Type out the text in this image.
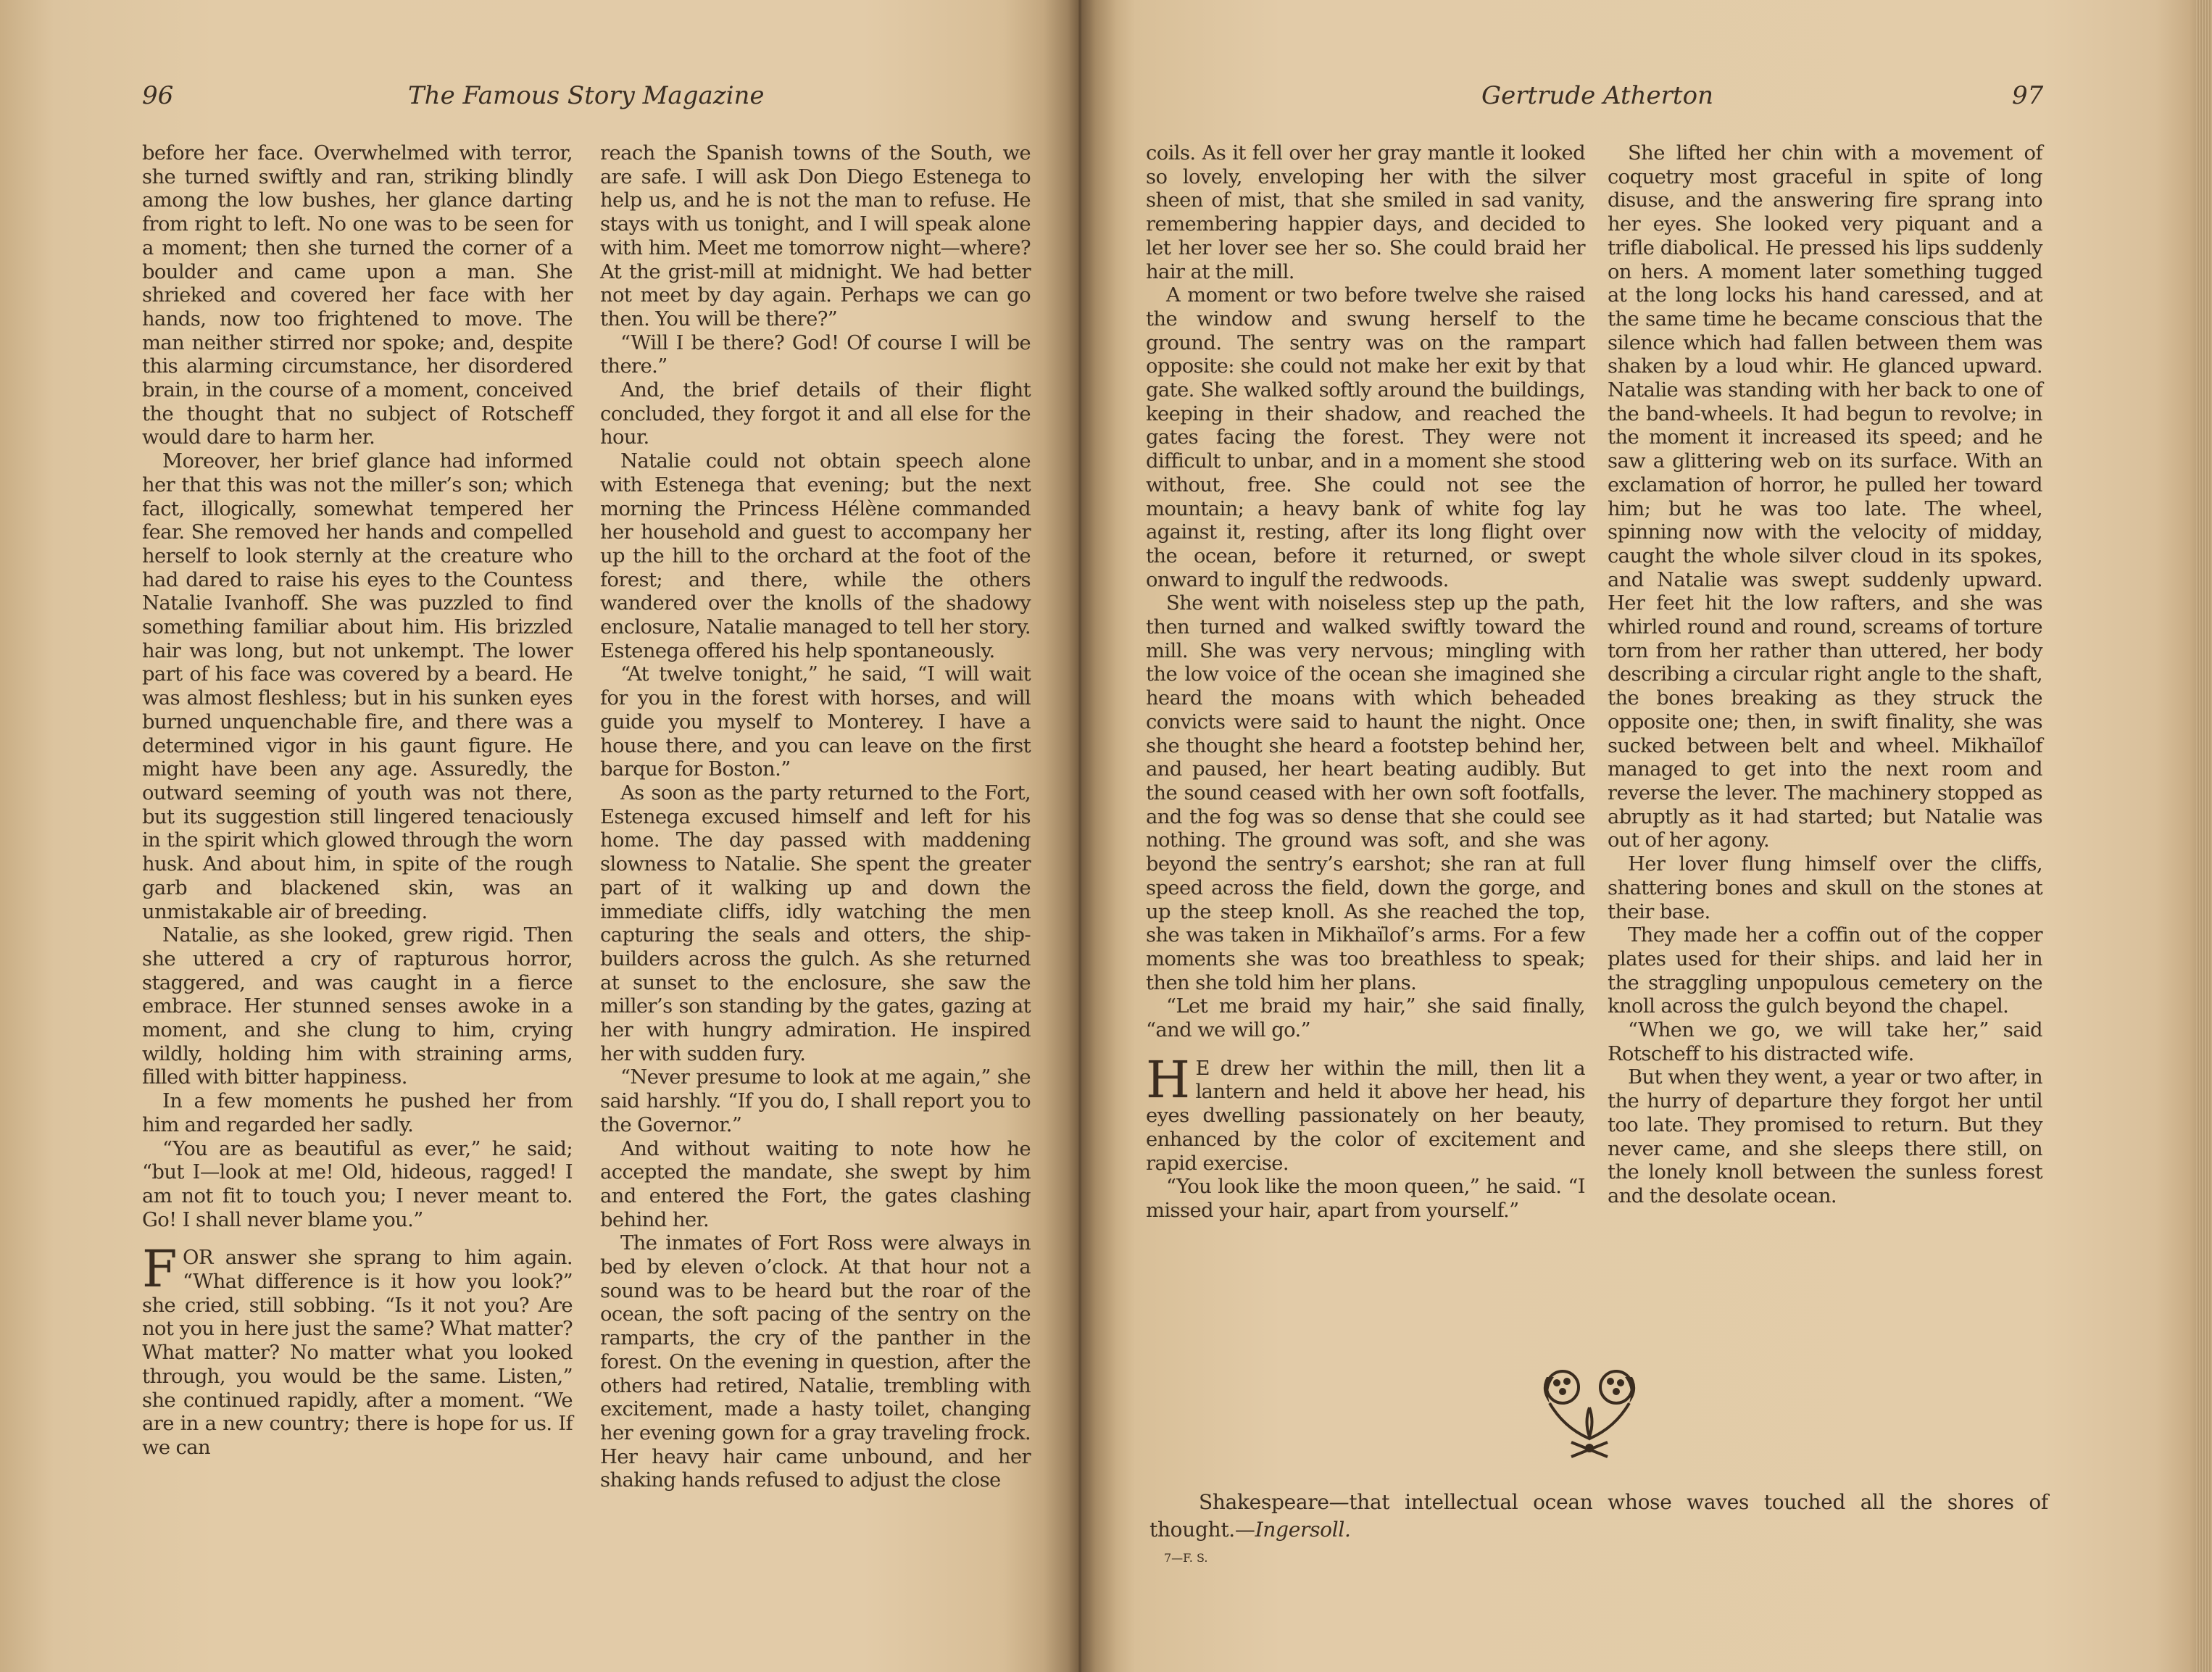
96	The Famous Story Magazine

before her face. Overwhelmed with terror, she turned swiftly and ran, striking blindly among the low bushes, her glance darting from right to left. No one was to be seen for a moment; then she turned the corner of a boulder and came upon a man. She shrieked and covered her face with her hands, now too frightened to move. The man neither stirred nor spoke; and, despite this alarming circumstance, her disordered brain, in the course of a moment, conceived the thought that no subject of Rotscheff would dare to harm her.

Moreover, her brief glance had informed her that this was not the miller’s son; which fact, illogically, somewhat tempered her fear. She removed her hands and compelled herself to look sternly at the creature who had dared to raise his eyes to the Countess Natalie Ivanhoff. She was puzzled to find something familiar about him. His brizzled hair was long, but not unkempt. The lower part of his face was covered by a beard. He was almost fleshless; but in his sunken eyes burned unquenchable fire, and there was a determined vigor in his gaunt figure. He might have been any age. Assuredly, the outward seeming of youth was not there, but its suggestion still lingered tenaciously in the spirit which glowed through the worn husk. And about him, in spite of the rough garb and blackened skin, was an unmistakable air of breeding.

Natalie, as she looked, grew rigid. Then she uttered a cry of rapturous horror, staggered, and was caught in a fierce embrace. Her stunned senses awoke in a moment, and she clung to him, crying wildly, holding him with straining arms, filled with bitter happiness.

In a few moments he pushed her from him and regarded her sadly.

“You are as beautiful as ever,” he said; “but I—look at me! Old, hideous, ragged! I am not fit to touch you; I never meant to. Go! I shall never blame you.”

FOR answer she sprang to him again. “What difference is it how you look?” she cried, still sobbing. “Is it not you? Are not you in here just the same? What matter? What matter? No matter what you looked through, you would be the same. Listen,” she continued rapidly, after a moment. “We are in a new country; there is hope for us. If we can

reach the Spanish towns of the South, we are safe. I will ask Don Diego Estenega to help us, and he is not the man to refuse. He stays with us tonight, and I will speak alone with him. Meet me tomorrow night—where? At the grist-mill at midnight. We had better not meet by day again. Perhaps we can go then. You will be there?”

“Will I be there? God! Of course I will be there.”

And, the brief details of their flight concluded, they forgot it and all else for the hour.

Natalie could not obtain speech alone with Estenega that evening; but the next morning the Princess Hélène commanded her household and guest to accompany her up the hill to the orchard at the foot of the forest; and there, while the others wandered over the knolls of the shadowy enclosure, Natalie managed to tell her story. Estenega offered his help spontaneously.

“At twelve tonight,” he said, “I will wait for you in the forest with horses, and will guide you myself to Monterey. I have a house there, and you can leave on the first barque for Boston.”

As soon as the party returned to the Fort, Estenega excused himself and left for his home. The day passed with maddening slowness to Natalie. She spent the greater part of it walking up and down the immediate cliffs, idly watching the men capturing the seals and otters, the ship-builders across the gulch. As she returned at sunset to the enclosure, she saw the miller’s son standing by the gates, gazing at her with hungry admiration. He inspired her with sudden fury.

“Never presume to look at me again,” she said harshly. “If you do, I shall report you to the Governor.”

And without waiting to note how he accepted the mandate, she swept by him and entered the Fort, the gates clashing behind her.

The inmates of Fort Ross were always in bed by eleven o’clock. At that hour not a sound was to be heard but the roar of the ocean, the soft pacing of the sentry on the ramparts, the cry of the panther in the forest. On the evening in question, after the others had retired, Natalie, trembling with excitement, made a hasty toilet, changing her evening gown for a gray traveling frock. Her heavy hair came unbound, and her shaking hands refused to adjust the close

Gertrude Atherton	97

coils. As it fell over her gray mantle it looked so lovely, enveloping her with the silver sheen of mist, that she smiled in sad vanity, remembering happier days, and decided to let her lover see her so. She could braid her hair at the mill.

A moment or two before twelve she raised the window and swung herself to the ground. The sentry was on the rampart opposite: she could not make her exit by that gate. She walked softly around the buildings, keeping in their shadow, and reached the gates facing the forest. They were not difficult to unbar, and in a moment she stood without, free. She could not see the mountain; a heavy bank of white fog lay against it, resting, after its long flight over the ocean, before it returned, or swept onward to ingulf the redwoods.

She went with noiseless step up the path, then turned and walked swiftly toward the mill. She was very nervous; mingling with the low voice of the ocean she imagined she heard the moans with which beheaded convicts were said to haunt the night. Once she thought she heard a footstep behind her, and paused, her heart beating audibly. But the sound ceased with her own soft footfalls, and the fog was so dense that she could see nothing. The ground was soft, and she was beyond the sentry’s earshot; she ran at full speed across the field, down the gorge, and up the steep knoll. As she reached the top, she was taken in Mikhaïlof’s arms. For a few moments she was too breathless to speak; then she told him her plans.

“Let me braid my hair,” she said finally, “and we will go.”

H E drew her within the mill, then lit a lantern and held it above her head, his eyes dwelling passionately on her beauty, enhanced by the color of excitement and rapid exercise.

“You look like the moon queen,” he said. “I missed your hair, apart from yourself.”

She lifted her chin with a movement of coquetry most graceful in spite of long disuse, and the answering fire sprang into her eyes. She looked very piquant and a trifle diabolical. He pressed his lips suddenly on hers. A moment later something tugged at the long locks his hand caressed, and at the same time he became conscious that the silence which had fallen between them was shaken by a loud whir. He glanced upward. Natalie was standing with her back to one of the band-wheels. It had begun to revolve; in the moment it increased its speed; and he saw a glittering web on its surface. With an exclamation of horror, he pulled her toward him; but he was too late. The wheel, spinning now with the velocity of midday, caught the whole silver cloud in its spokes, and Natalie was swept suddenly upward. Her feet hit the low rafters, and she was whirled round and round, screams of torture torn from her rather than uttered, her body describing a circular right angle to the shaft, the bones breaking as they struck the opposite one; then, in swift finality, she was sucked between belt and wheel. Mikhaïlof managed to get into the next room and reverse the lever. The machinery stopped as abruptly as it had started; but Natalie was out of her agony.

Her lover flung himself over the cliffs, shattering bones and skull on the stones at their base.

They made her a coffin out of the copper plates used for their ships. and laid her in the straggling unpopulous cemetery on the knoll across the gulch beyond the chapel.

“When we go, we will take her,” said Rotscheff to his distracted wife.

But when they went, a year or two after, in the hurry of departure they forgot her until too late. They promised to return. But they never came, and she sleeps there still, on the lonely knoll between the sunless forest and the desolate ocean.

Shakespeare—that intellectual ocean whose waves touched all the shores of thought.—Ingersoll.
7—F. S.
